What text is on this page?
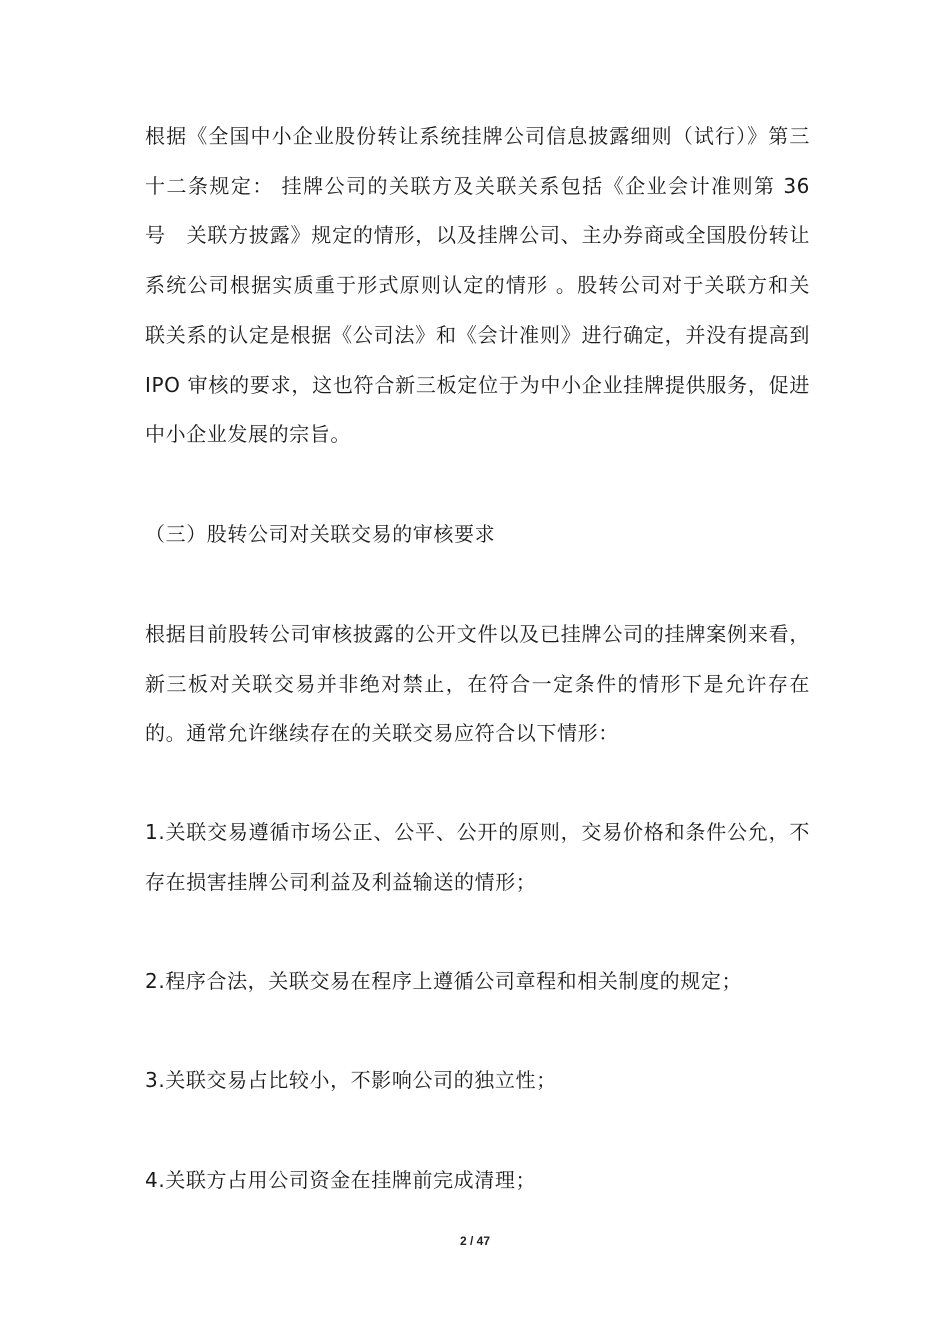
根据《全国中小企业股份转让系统挂牌公司信息披露细则（试行）》第三十二条规定： 挂牌公司的关联方及关联关系包括《企业会计准则第 36 号　关联方披露》规定的情形，以及挂牌公司、主办券商或全国股份转让系统公司根据实质重于形式原则认定的情形 。股转公司对于关联方和关联关系的认定是根据《公司法》和《会计准则》进行确定，并没有提高到 IPO 审核的要求，这也符合新三板定位于为中小企业挂牌提供服务，促进中小企业发展的宗旨。

（三）股转公司对关联交易的审核要求

根据目前股转公司审核披露的公开文件以及已挂牌公司的挂牌案例来看，新三板对关联交易并非绝对禁止，在符合一定条件的情形下是允许存在的。通常允许继续存在的关联交易应符合以下情形：

1.关联交易遵循市场公正、公平、公开的原则，交易价格和条件公允，不存在损害挂牌公司利益及利益输送的情形；

2.程序合法，关联交易在程序上遵循公司章程和相关制度的规定；

3.关联交易占比较小，不影响公司的独立性；

4.关联方占用公司资金在挂牌前完成清理；

2 / 47
